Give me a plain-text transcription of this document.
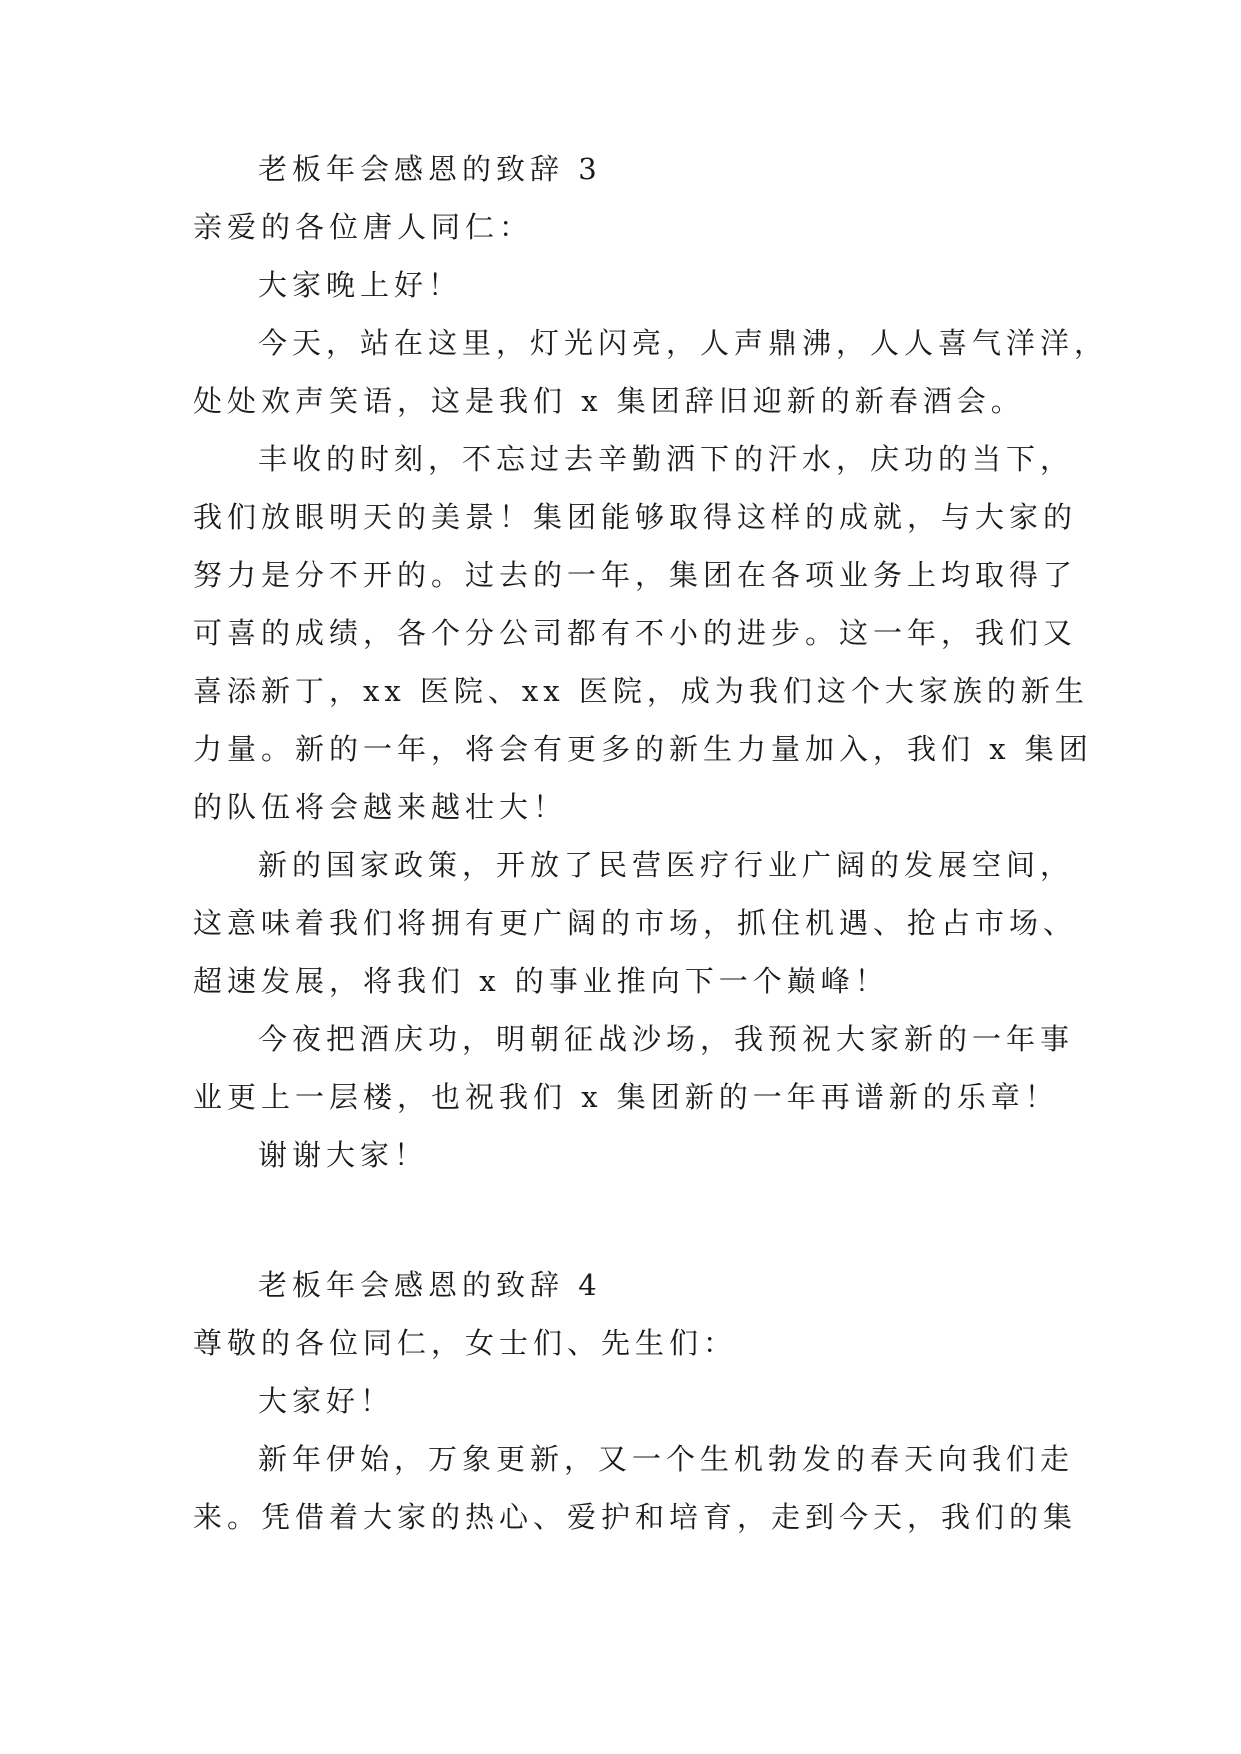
老板年会感恩的致辞 3
亲爱的各位唐人同仁：
大家晚上好！
今天，站在这里，灯光闪亮，人声鼎沸，人人喜气洋洋，
处处欢声笑语，这是我们 x 集团辞旧迎新的新春酒会。
丰收的时刻，不忘过去辛勤洒下的汗水，庆功的当下，
我们放眼明天的美景！集团能够取得这样的成就，与大家的
努力是分不开的。过去的一年，集团在各项业务上均取得了
可喜的成绩，各个分公司都有不小的进步。这一年，我们又
喜添新丁，xx 医院、xx 医院，成为我们这个大家族的新生
力量。新的一年，将会有更多的新生力量加入，我们 x 集团
的队伍将会越来越壮大！
新的国家政策，开放了民营医疗行业广阔的发展空间，
这意味着我们将拥有更广阔的市场，抓住机遇、抢占市场、
超速发展，将我们 x 的事业推向下一个巅峰！
今夜把酒庆功，明朝征战沙场，我预祝大家新的一年事
业更上一层楼，也祝我们 x 集团新的一年再谱新的乐章！
谢谢大家！
老板年会感恩的致辞 4
尊敬的各位同仁，女士们、先生们：
大家好！
新年伊始，万象更新，又一个生机勃发的春天向我们走
来。凭借着大家的热心、爱护和培育，走到今天，我们的集
